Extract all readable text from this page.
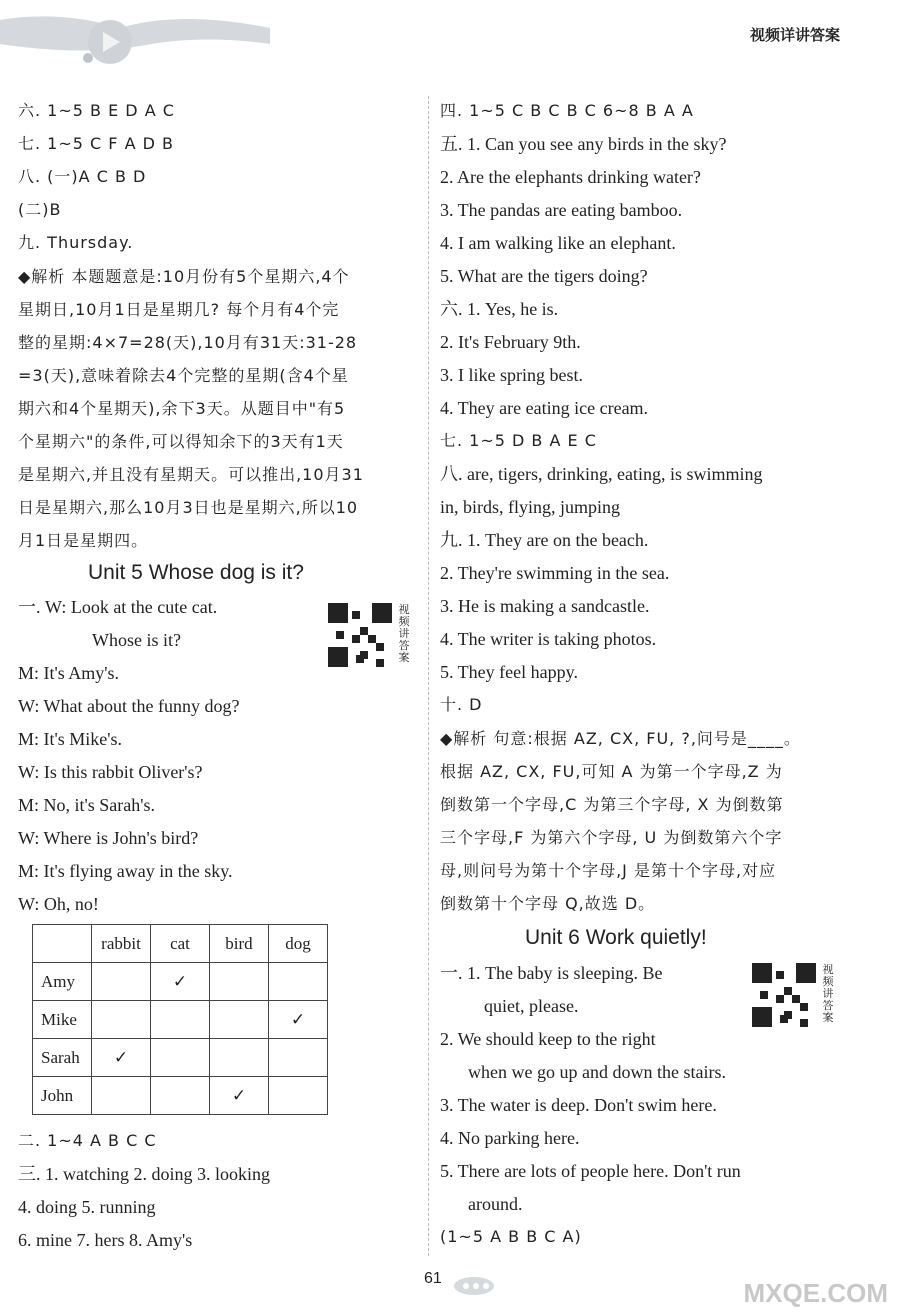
视频详讲答案
六. 1~5 B E D A C
七. 1~5 C F A D B
八. (一)A C B D
(二)B
九. Thursday.
◆解析 本题题意是:10月份有5个星期六,4个
星期日,10月1日是星期几? 每个月有4个完
整的星期:4×7=28(天),10月有31天:31-28
=3(天),意味着除去4个完整的星期(含4个星
期六和4个星期天),余下3天。从题目中"有5
个星期六"的条件,可以得知余下的3天有1天
是星期六,并且没有星期天。可以推出,10月31
日是星期六,那么10月3日也是星期六,所以10
月1日是星期四。
Unit 5 Whose dog is it?
一. W: Look at the cute cat.
Whose is it?
M: It's Amy's.
W: What about the funny dog?
M: It's Mike's.
W: Is this rabbit Oliver's?
M: No, it's Sarah's.
W: Where is John's bird?
M: It's flying away in the sky.
W: Oh, no!
视频讲答案
	rabbit	cat	bird	dog
Amy		✓		
Mike				✓
Sarah	✓			
John			✓	
二. 1~4 A B C C
三. 1. watching 2. doing 3. looking
4. doing 5. running
6. mine 7. hers 8. Amy's
四. 1~5 C B C B C 6~8 B A A
五. 1. Can you see any birds in the sky?
2. Are the elephants drinking water?
3. The pandas are eating bamboo.
4. I am walking like an elephant.
5. What are the tigers doing?
六. 1. Yes, he is.
2. It's February 9th.
3. I like spring best.
4. They are eating ice cream.
七. 1~5 D B A E C
八. are, tigers, drinking, eating, is swimming
in, birds, flying, jumping
九. 1. They are on the beach.
2. They're swimming in the sea.
3. He is making a sandcastle.
4. The writer is taking photos.
5. They feel happy.
十. D
◆解析 句意:根据 AZ, CX, FU, ?,问号是____。
根据 AZ, CX, FU,可知 A 为第一个字母,Z 为
倒数第一个字母,C 为第三个字母, X 为倒数第
三个字母,F 为第六个字母, U 为倒数第六个字
母,则问号为第十个字母,J 是第十个字母,对应
倒数第十个字母 Q,故选 D。
Unit 6 Work quietly!
一. 1. The baby is sleeping. Be
quiet, please.
2. We should keep to the right
when we go up and down the stairs.
3. The water is deep. Don't swim here.
4. No parking here.
5. There are lots of people here. Don't run
around.
(1~5 A B B C A)
视频讲答案
61	MXQE.COM
